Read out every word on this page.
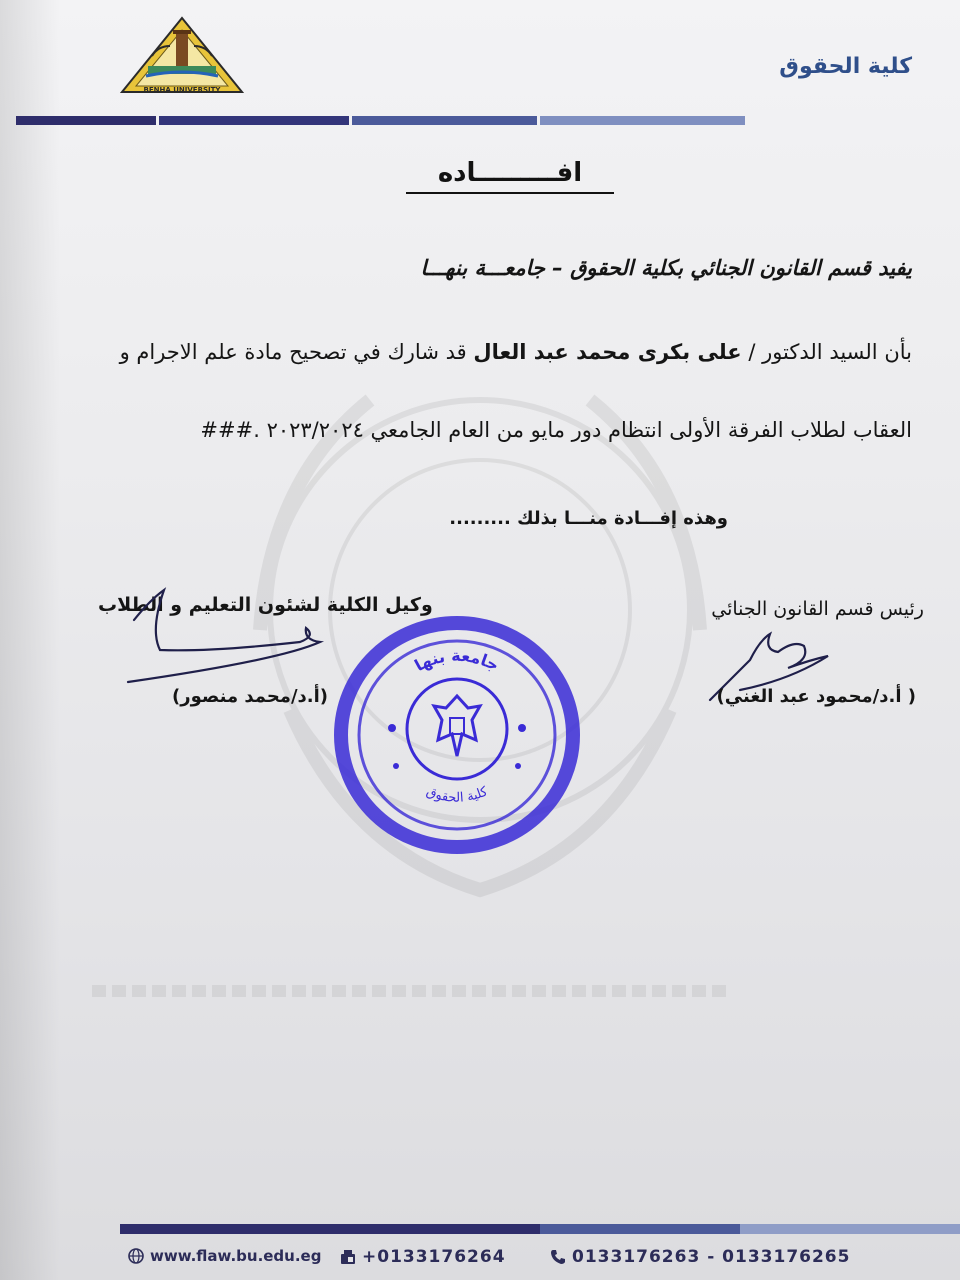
BENHA UNIVERSITY
كلية الحقوق
افـــــــــاده
يفيد قسم القانون الجنائي بكلية الحقوق – جامعـــة بنهـــا
بأن السيد الدكتور / على بكرى محمد عبد العال قد شارك في تصحيح مادة علم الاجرام و
العقاب لطلاب الفرقة الأولى انتظام دور مايو من العام الجامعي ٢٠٢٣/٢٠٢٤ .###
وهذه إفـــادة منـــا بذلك .........
رئيس قسم القانون الجنائي
وكيل الكلية لشئون التعليم و الطلاب
( أ.د/محمود عبد الغني)
(أ.د/محمد منصور)
جامعة بنها
كلية الحقوق
www.flaw.bu.edu.eg +0133176264	0133176263 - 0133176265
